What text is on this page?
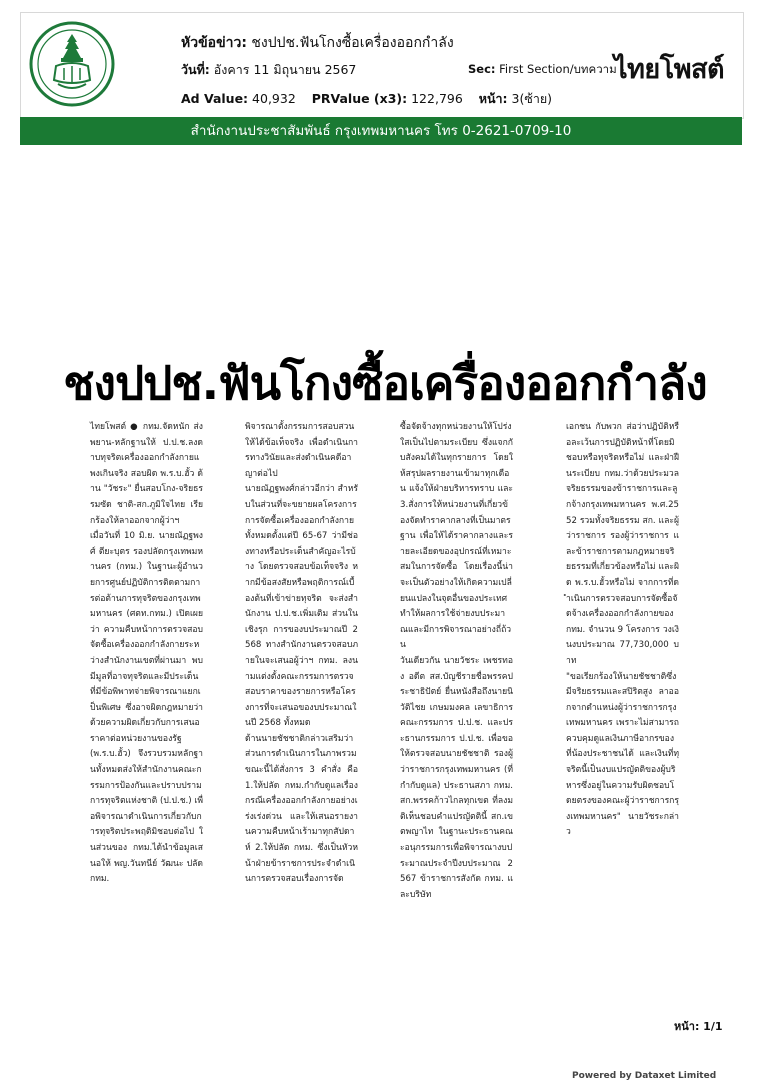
หัวข้อข่าว: ชงปปช.ฟันโกงซื้อเครื่องออกกำลัง
วันที่: อังคาร 11 มิถุนายน 2567	Sec: First Section/บทความ - ไ
Ad Value: 40,932 PRValue (x3): 122,796 หน้า: 3(ซ้าย)
ไทยโพสต์
สำนักงานประชาสัมพันธ์ กรุงเทพมหานคร โทร 0-2621-0709-10
ชงปปช.ฟันโกงซื้อเครื่องออกกำลัง
ไทยโพสต์ ● กทม.จัดหนัก ส่งพยาน-หลักฐานให้ ป.ป.ช.ลงดาบทุจริตเครื่องออกกำลังกายแพงเกินจริง สอบผิด พ.ร.บ.ฮั้ว ด้าน "วัชระ" ยื่นสอบโกง-จริยธรรมซัด ชาติ-สก.ภูมิใจไทย เรียกร้องให้ลาออกจากผู้ว่าฯ
เมื่อวันที่ 10 มิ.ย. นายณัฏฐพงศ์ ตียะบุตร รองปลัดกรุงเทพมหานคร (กทม.) ในฐานะผู้อำนวยการศูนย์ปฏิบัติการติดตามการต่อต้านการทุจริตของกรุงเทพมหานคร (ศตท.กทม.) เปิดเผยว่า ความคืบหน้าการตรวจสอบจัดซื้อเครื่องออกกำลังกายระหว่างสำนักงานเขตที่ผ่านมา พบมีมูลที่อาจทุจริตและมีประเด็นที่มีข้อพิพาทจ่ายพิจารณาแยกเป็นพิเศษ ซึ่งอาจผิดกฎหมายว่าด้วยความผิดเกี่ยวกับการเสนอราคาต่อหน่วยงานของรัฐ (พ.ร.บ.ฮั้ว) จึงรวบรวมหลักฐานทั้งหมดส่งให้สำนักงานคณะกรรมการป้องกันและปราบปรามการทุจริตแห่งชาติ (ป.ป.ช.) เพื่อพิจารณาดำเนินการเกี่ยวกับการทุจริตประพฤติมิชอบต่อไป ในส่วนของ กทม.ได้นำข้อมูลเสนอให้ พญ.วันทนีย์ วัฒนะ ปลัด กทม.
พิจารณาตั้งกรรมการสอบสวนให้ได้ข้อเท็จจริง เพื่อดำเนินการทางวินัยและส่งดำเนินคดีอาญาต่อไป
นายณัฏฐพงศ์กล่าวอีกว่า สำหรับในส่วนที่จะขยายผลโครงการการจัดซื้อเครื่องออกกำลังกายทั้งหมดตั้งแต่ปี 65-67 ว่ามีช่องทางหรือประเด็นสำคัญอะไรบ้าง โดยตรวจสอบข้อเท็จจริง หากมีข้อสงสัยหรือพฤติการณ์เบื้องต้นที่เข้าข่ายทุจริต จะส่งสำนักงาน ป.ป.ช.เพิ่มเติม ส่วนในเชิงรุก การของบประมาณปี 2568 ทางสำนักงานตรวจสอบภายในจะเสนอผู้ว่าฯ กทม. ลงนามแต่งตั้งคณะกรรมการตรวจสอบราคาของรายการหรือโครงการที่จะเสนอของบประมาณในปี 2568 ทั้งหมด
ด้านนายชัชชาติกล่าวเสริมว่า ส่วนการดำเนินการในภาพรวม ขณะนี้ได้สั่งการ 3 คำสั่ง คือ 1.ให้ปลัด กทม.กำกับดูแลเรื่องกรณีเครื่องออกกำลังกายอย่างเร่งเร่งด่วน และให้เสนอรายงานความคืบหน้าเร้ามาทุกสัปดาห์ 2.ให้ปลัด กทม. ซึ่งเป็นหัวหน้าฝ่ายข้าราชการประจำดำเนินการตรวจสอบเรื่องการจัด
ซื้อจัดจ้างทุกหน่วยงานให้โปร่งใสเป็นไปตามระเบียบ ซึ่งแจกกับสังคมได้ในทุกรายการ โดยให้สรุปผลรายงานเข้ามาทุกเดือน แจ้งให้ฝ่ายบริหารทราบ และ 3.สั่งการให้หน่วยงานที่เกี่ยวข้องจัดทำราคากลางที่เป็นมาตรฐาน เพื่อให้ได้ราคากลางและรายละเอียดของอุปกรณ์ที่เหมาะสมในการจัดซื้อ โดยเรื่องนี้น่าจะเป็นตัวอย่างให้เกิดความเปลี่ยนแปลงในจุดอื่นของประเทศ ทำให้ผลการใช้จ่ายงบประมาณและมีการพิจารณาอย่างถี่ถ้วน
วันเดียวกัน นายวัชระ เพชรทอง อดีต สส.บัญชีรายชื่อพรรคประชาธิปัตย์ ยื่นหนังสือถึงนายนิวัติไชย เกษมมงคล เลขาธิการคณะกรรมการ ป.ป.ช. และประธานกรรมการ ป.ป.ช. เพื่อขอให้ตรวจสอบนายชัชชาติ รองผู้ว่าราชการกรุงเทพมหานคร (ที่กำกับดูแล) ประธานสภา กทม. สก.พรรคก้าวไกลทุกเขต ที่ลงมติเห็นชอบคำแปรญัตตินี้ สก.เขตพญาไท ในฐานะประธานคณะอนุกรรมการเพื่อพิจารณางบประมาณประจำปีงบประมาณ 2567 ข้าราชการสังกัด กทม. และบริษัท
เอกชน กับพวก ส่อว่าปฏิบัติหรือละเว้นการปฏิบัติหน้าที่โดยมิชอบหรือทุจริตหรือไม่ และฝ่าฝืนระเบียบ กทม.ว่าด้วยประมวลจริยธรรมของข้าราชการและลูกจ้างกรุงเทพมหานคร พ.ศ.2552 รวมทั้งจริยธรรม สก. และผู้ว่าราชการ รองผู้ว่าราชการ และข้าราชการตามกฎหมายจริยธรรมที่เกี่ยวข้องหรือไม่ และผิด พ.ร.บ.ฮั้วหรือไม่ จากการที่ดำเนินการตรวจสอบการจัดซื้อจัดจ้างเครื่องออกกำลังกายของ กทม. จำนวน 9 โครงการ วงเงินงบประมาณ 77,730,000 บาท
"ขอเรียกร้องให้นายชัชชาติซึ่งมีจริยธรรมและสปิริตสูง ลาออกจากตำแหน่งผู้ว่าราชการกรุงเทพมหานคร เพราะไม่สามารถควบคุมดูแลเงินภาษีอากรของที่น้องประชาชนได้ และเงินที่ทุจริตนี้เป็นงบแปรญัตติของผู้บริหารซึ่งอยู่ในความรับผิดชอบโดยตรงของคณะผู้ว่าราชการกรุงเทพมหานคร" นายวัชระกล่าว
หน้า: 1/1
Powered by Dataxet Limited
